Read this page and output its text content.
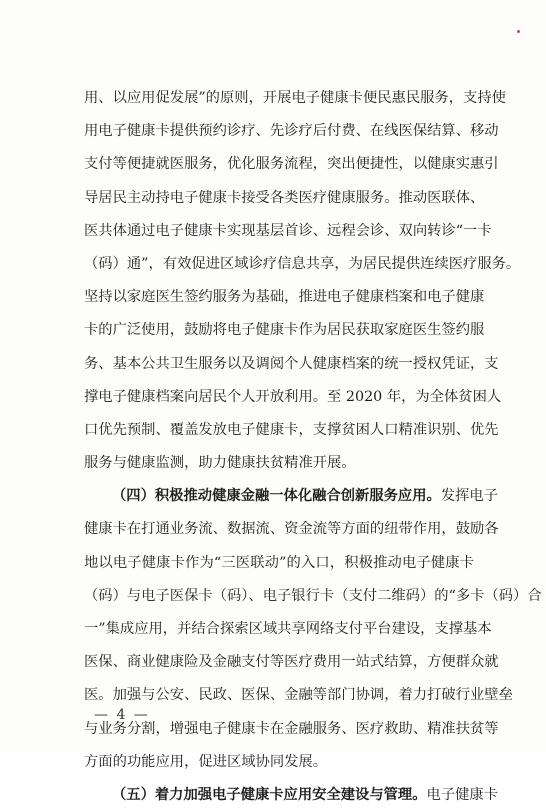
用、以应用促发展”的原则，开展电子健康卡便民惠民服务，支持使
用电子健康卡提供预约诊疗、先诊疗后付费、在线医保结算、移动
支付等便捷就医服务，优化服务流程，突出便捷性，以健康实惠引
导居民主动持电子健康卡接受各类医疗健康服务。推动医联体、
医共体通过电子健康卡实现基层首诊、远程会诊、双向转诊“一卡
（码）通”，有效促进区域诊疗信息共享，为居民提供连续医疗服务。
坚持以家庭医生签约服务为基础，推进电子健康档案和电子健康
卡的广泛使用，鼓励将电子健康卡作为居民获取家庭医生签约服
务、基本公共卫生服务以及调阅个人健康档案的统一授权凭证，支
撑电子健康档案向居民个人开放利用。至 2020 年，为全体贫困人
口优先预制、覆盖发放电子健康卡，支撑贫困人口精准识别、优先
服务与健康监测，助力健康扶贫精准开展。
（四）积极推动健康金融一体化融合创新服务应用。发挥电子
健康卡在打通业务流、数据流、资金流等方面的纽带作用，鼓励各
地以电子健康卡作为“三医联动”的入口，积极推动电子健康卡
（码）与电子医保卡（码）、电子银行卡（支付二维码）的“多卡（码）合
一”集成应用，并结合探索区域共享网络支付平台建设，支撑基本
医保、商业健康险及金融支付等医疗费用一站式结算，方便群众就
医。加强与公安、民政、医保、金融等部门协调，着力打破行业壁垒
与业务分割，增强电子健康卡在金融服务、医疗救助、精准扶贫等
方面的功能应用，促进区域协同发展。
（五）着力加强电子健康卡应用安全建设与管理。电子健康卡
— 4 —
